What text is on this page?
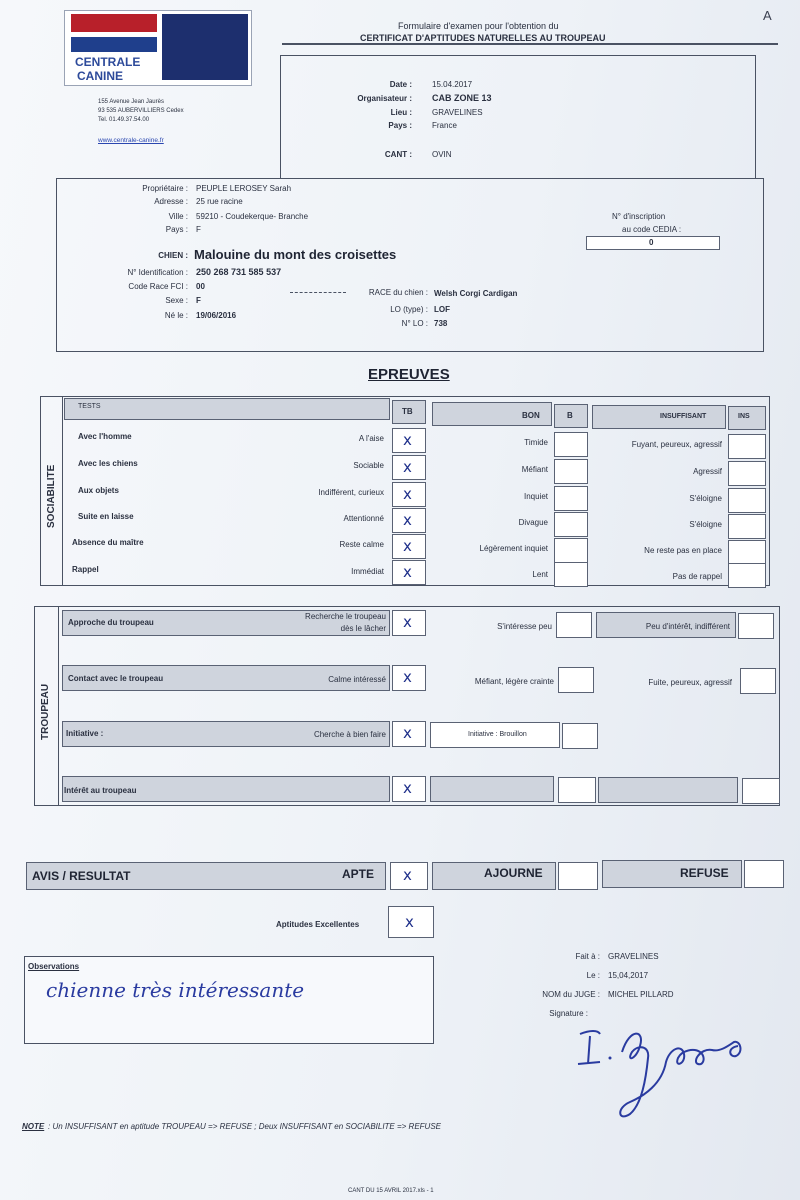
A
CENTRALE
CANINE
155 Avenue Jean Jaurès
93 535 AUBERVILLIERS Cedex
Tel. 01.49.37.54.00
www.centrale-canine.fr
Formulaire d'examen pour l'obtention du
CERTIFICAT D'APTITUDES NATURELLES AU TROUPEAU
Date :	15.04.2017
Organisateur : CAB ZONE 13
Lieu :	GRAVELINES
Pays :	France
CANT :	OVIN
Propriétaire : PEUPLE LEROSEY Sarah
Adresse : 25 rue racine
Ville : 59210 - Coudekerque- Branche
Pays : F
N° d'inscription
au code CEDIA :
0
CHIEN : Malouine du mont des croisettes
N° Identification : 250 268 731 585 537
Code Race FCI : 00
Sexe : F
Né le : 19/06/2016
RACE du chien : Welsh Corgi Cardigan
LO (type) : LOF
N° LO : 738
EPREUVES
SOCIABILITE
TESTS
TB	BON	B	INSUFFISANT	INS
Avec l'homme	A l'aise x	Timide	Fuyant, peureux, agressif
Avec les chiens	Sociable x	Méfiant	Agressif
Aux objets	Indifférent, curieux x	Inquiet	S'éloigne
Suite en laisse	Attentionné x	Divague	S'éloigne
Absence du maître	Reste calme x	Légèrement inquiet	Ne reste pas en place
Rappel	Immédiat x	Lent	Pas de rappel
TROUPEAU
Approche du troupeau
Recherche le troupeau
dès le lâcher x	S'intéresse peu	Peu d'intérêt, indifférent
Contact avec le troupeau	Calme intéressé x	Méfiant, légère crainte	Fuite, peureux, agressif
Initiative :	Cherche à bien faire x	Initiative : Brouillon
Intérêt au troupeau	x
AVIS / RESULTAT	APTE x	AJOURNE	REFUSE
Aptitudes Excellentes	x
Observations
chienne très intéressante
Fait à : GRAVELINES
Le : 15,04,2017
NOM du JUGE : MICHEL PILLARD
Signature :
NOTE : Un INSUFFISANT en aptitude TROUPEAU => REFUSE ; Deux INSUFFISANT en SOCIABILITE => REFUSE
CANT DU 15 AVRIL 2017.xls - 1
